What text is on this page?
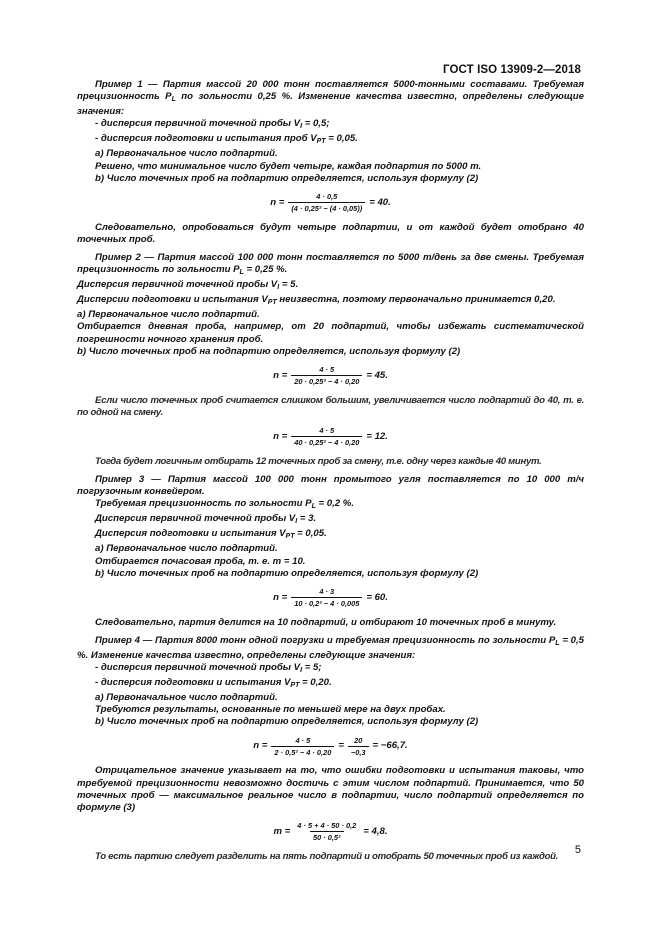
ГОСТ ISO 13909-2—2018

Пример 1 — Партия массой 20 000 тонн поставляется 5000-тонными составами. Требуемая прецизионность $P_L$ по зольности 0,25 %. Изменение качества известно, определены следующие значения:

- дисперсия первичной точечной пробы $V_I = 0,5$;

- дисперсия подготовки и испытания проб $V_{PT} = 0,05$.

a) Первоначальное число подпартий.

Решено, что минимальное число будет четыре, каждая подпартия по 5000 т.

b) Число точечных проб на подпартию определяется, используя формулу (2)

$n = \frac{4 \cdot 0,5}{\text{(4 · 0,25² − (4 · 0,05))}} = 40$.

Следовательно, опробоваться будут четыре подпартии, и от каждой будет отобрано 40 точечных проб.

Пример 2 — Партия массой 100 000 тонн поставляется по 5000 т/день за две смены. Требуемая прецизионность по зольности $P_L = 0,25$ %.

Дисперсия первичной точечной пробы $V_I = 5$.

Дисперсии подготовки и испытания $V_{PT}$ неизвестна, поэтому первоначально принимается 0,20.

a) Первоначальное число подпартий.

Отбирается дневная проба, например, от 20 подпартий, чтобы избежать систематической погрешности ночного хранения проб.

b) Число точечных проб на подпартию определяется, используя формулу (2)

$n = \frac{4 \cdot 5}{\text{20 · 0,25² − 4 · 0,20}} = 45$.

Если число точечных проб считается слишком большим, увеличивается число подпартий до 40, т. е. по одной на смену.

$n = \frac{4 \cdot 5}{\text{40 · 0,25² − 4 · 0,20}} = 12$.

Тогда будет логичным отбирать 12 точечных проб за смену, т.е. одну через каждые 40 минут.

Пример 3 — Партия массой 100 000 тонн промытого угля поставляется по 10 000 т/ч погрузочным конвейером.

Требуемая прецизионность по зольности $P_L = 0,2$ %.

Дисперсия первичной точечной пробы $V_I = 3$.

Дисперсия подготовки и испытания $V_{PT} = 0,05$.

a) Первоначальное число подпартий.

Отбирается почасовая проба, т. е. m = 10.

b) Число точечных проб на подпартию определяется, используя формулу (2)

$n = \frac{4 \cdot 3}{\text{10 · 0,2² − 4 · 0,005}} = 60$.

Следовательно, партия делится на 10 подпартий, и отбирают 10 точечных проб в минуту.

Пример 4 — Партия 8000 тонн одной погрузки и требуемая прецизионность по зольности $P_L = 0,5$ %. Изменение качества известно, определены следующие значения:

- дисперсия первичной точечной пробы $V_I = 5$;

- дисперсия подготовки и испытания $V_{PT} = 0,20$.

a) Первоначальное число подпартий.

Требуются результаты, основанные по меньшей мере на двух пробах.

b) Число точечных проб на подпартию определяется, используя формулу (2)

$n = \frac{4 \cdot 5}{\text{2 · 0,5² − 4 · 0,20}} = \frac{20}{-0,3} = -66,7$.

Отрицательное значение указывает на то, что ошибки подготовки и испытания таковы, что требуемой прецизионности невозможно достичь с этим числом подпартий. Принимается, что 50 точечных проб — максимальное реальное число в подпартии, число подпартий определяется по формуле (3)

$m = \frac{4 \cdot 5 + 4 \cdot 50 \cdot 0,2}{\text{50 · 0,5²}} = 4,8$.

То есть партию следует разделить на пять подпартий и отобрать 50 точечных проб из каждой.

5
